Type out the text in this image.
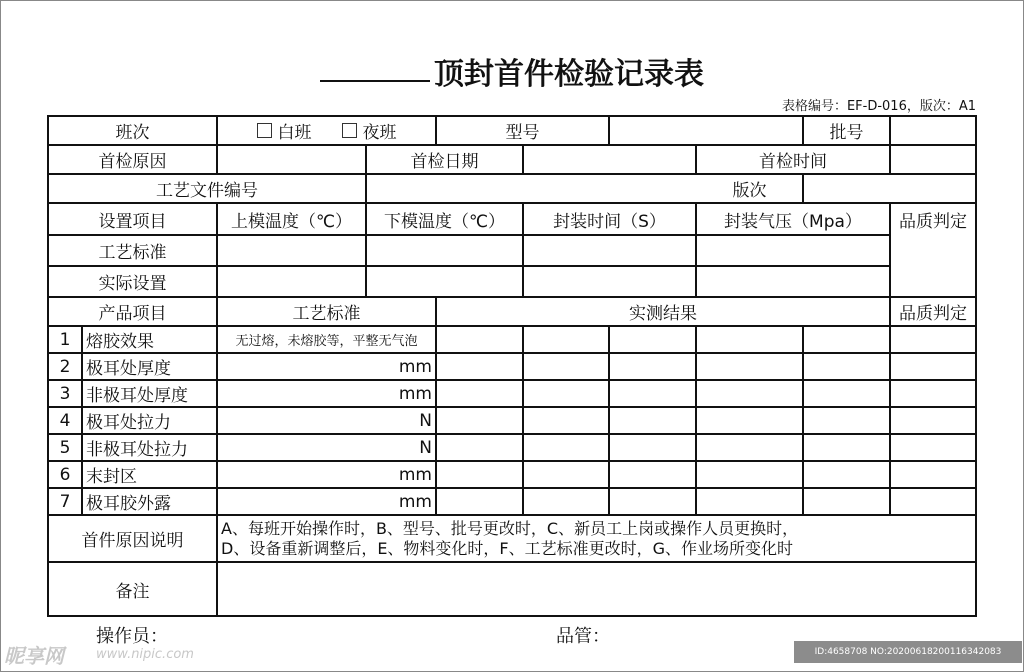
顶封首件检验记录表
表格编号：EF-D-016，版次：A1
班次	白班	夜班	型号	批号
首检原因	首检日期	首检时间
工艺文件编号	版次
设置项目	上模温度（℃）	下模温度（℃）	封装时间（S）	封装气压（Mpa）	品质判定
工艺标准
实际设置
产品项目	工艺标准	实测结果	品质判定
1 熔胶效果	无过熔，未熔胶等，平整无气泡
2 极耳处厚度	mm
3 非极耳处厚度	mm
4 极耳处拉力	N
5 非极耳处拉力	N
6 末封区	mm
7 极耳胶外露	mm
首件原因说明
A、每班开始操作时，B、型号、批号更改时，C、新员工上岗或操作人员更换时，
D、设备重新调整后，E、物料变化时，F、工艺标准更改时，G、作业场所变化时
备注
操作员：	品管：
昵享网 www.nipic.com	ID:4658708 NO:20200618200116342083
